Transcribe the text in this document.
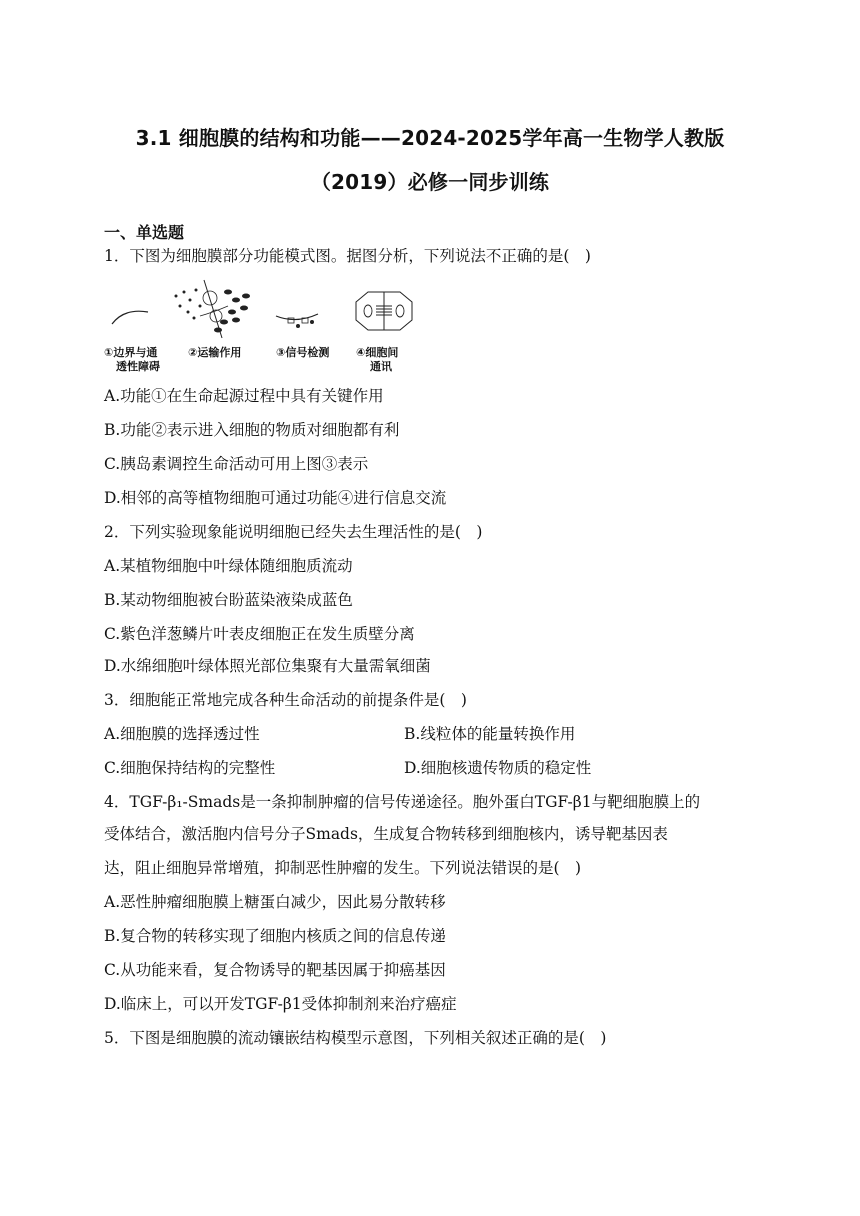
3.1 细胞膜的结构和功能——2024-2025学年高一生物学人教版
（2019）必修一同步训练
一、单选题
1．下图为细胞膜部分功能模式图。据图分析，下列说法不正确的是(　)
①边界与通
透性障碍
②运输作用	③信号检测 ④细胞间
通讯
A.功能①在生命起源过程中具有关键作用
B.功能②表示进入细胞的物质对细胞都有利
C.胰岛素调控生命活动可用上图③表示
D.相邻的高等植物细胞可通过功能④进行信息交流
2．下列实验现象能说明细胞已经失去生理活性的是(　)
A.某植物细胞中叶绿体随细胞质流动
B.某动物细胞被台盼蓝染液染成蓝色
C.紫色洋葱鳞片叶表皮细胞正在发生质壁分离
D.水绵细胞叶绿体照光部位集聚有大量需氧细菌
3．细胞能正常地完成各种生命活动的前提条件是(　)
A.细胞膜的选择透过性	B.线粒体的能量转换作用
C.细胞保持结构的完整性	D.细胞核遗传物质的稳定性
4．TGF-β₁-Smads是一条抑制肿瘤的信号传递途径。胞外蛋白TGF-β1与靶细胞膜上的
受体结合，激活胞内信号分子Smads，生成复合物转移到细胞核内，诱导靶基因表
达，阻止细胞异常增殖，抑制恶性肿瘤的发生。下列说法错误的是(　)
A.恶性肿瘤细胞膜上糖蛋白减少，因此易分散转移
B.复合物的转移实现了细胞内核质之间的信息传递
C.从功能来看，复合物诱导的靶基因属于抑癌基因
D.临床上，可以开发TGF-β1受体抑制剂来治疗癌症
5．下图是细胞膜的流动镶嵌结构模型示意图，下列相关叙述正确的是(　)
